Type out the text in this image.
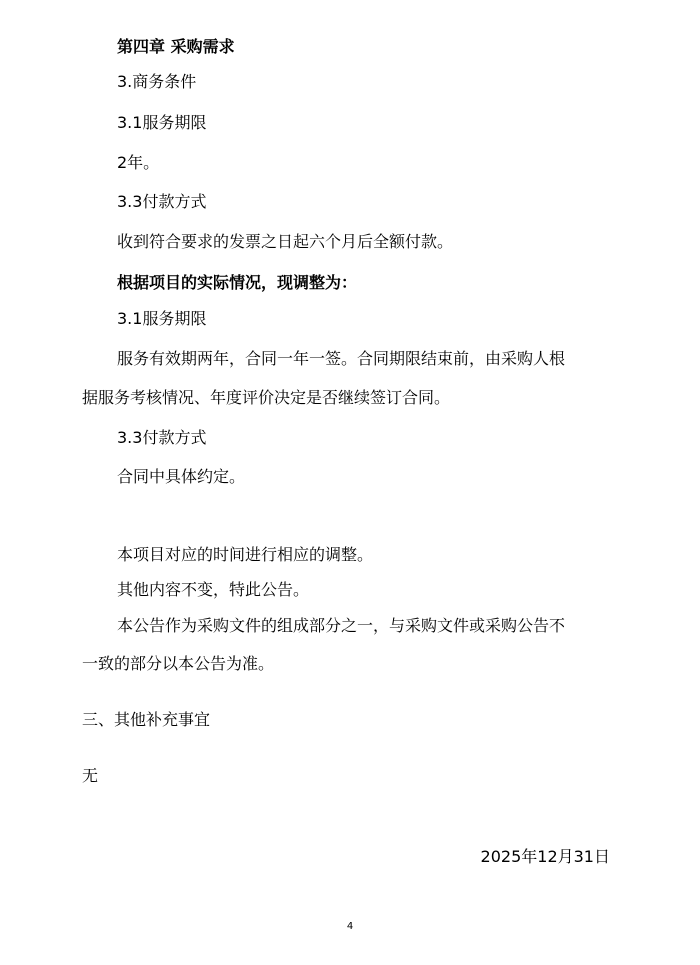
第四章 采购需求
3.商务条件
3.1服务期限
2年。
3.3付款方式
收到符合要求的发票之日起六个月后全额付款。
根据项目的实际情况，现调整为：
3.1服务期限
服务有效期两年，合同一年一签。合同期限结束前，由采购人根
据服务考核情况、年度评价决定是否继续签订合同。
3.3付款方式
合同中具体约定。
本项目对应的时间进行相应的调整。
其他内容不变，特此公告。
本公告作为采购文件的组成部分之一，与采购文件或采购公告不
一致的部分以本公告为准。
三、其他补充事宜
无
2025年12月31日
4
